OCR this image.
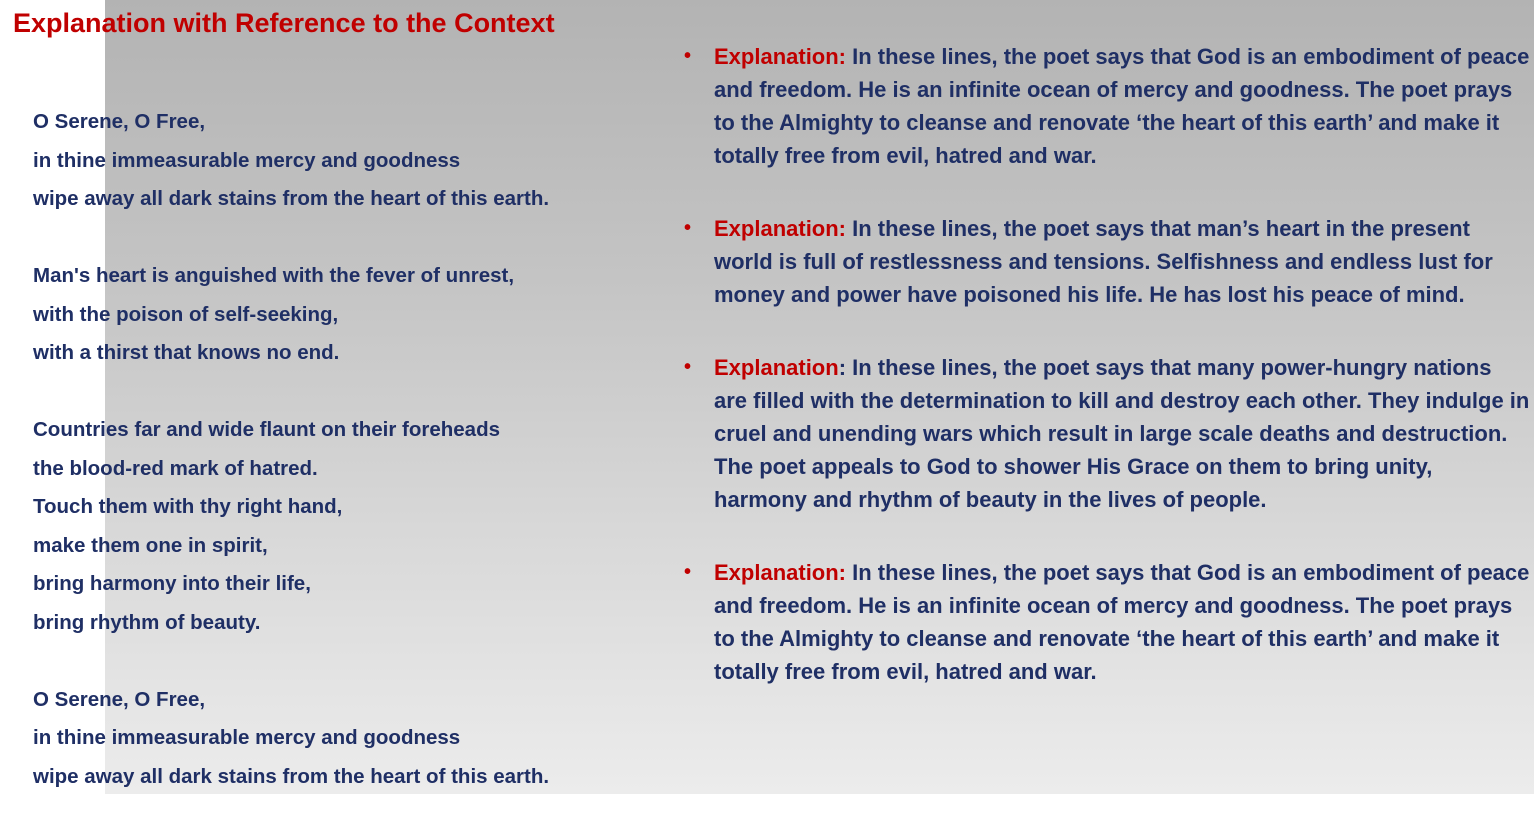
Explanation with Reference to the Context
O Serene, O Free,
in thine immeasurable mercy and goodness
wipe away all dark stains from the heart of this earth.
Man's heart is anguished with the fever of unrest,
with the poison of self-seeking,
with a thirst that knows no end.
Countries far and wide flaunt on their foreheads
the blood-red mark of hatred.
Touch them with thy right hand,
make them one in spirit,
bring harmony into their life,
bring rhythm of beauty.
O Serene, O Free,
in thine immeasurable mercy and goodness
wipe away all dark stains from the heart of this earth.
• Explanation: In these lines, the poet says that God is an embodiment of peace and freedom. He is an infinite ocean of mercy and goodness. The poet prays to the Almighty to cleanse and renovate ‘the heart of this earth’ and make it totally free from evil, hatred and war.
• Explanation: In these lines, the poet says that man’s heart in the present world is full of restlessness and tensions. Selfishness and endless lust for money and power have poisoned his life. He has lost his peace of mind.
• Explanation: In these lines, the poet says that many power-hungry nations are filled with the determination to kill and destroy each other. They indulge in cruel and unending wars which result in large scale deaths and destruction. The poet appeals to God to shower His Grace on them to bring unity, harmony and rhythm of beauty in the lives of people.
• Explanation: In these lines, the poet says that God is an embodiment of peace and freedom. He is an infinite ocean of mercy and goodness. The poet prays to the Almighty to cleanse and renovate ‘the heart of this earth’ and make it totally free from evil, hatred and war.
